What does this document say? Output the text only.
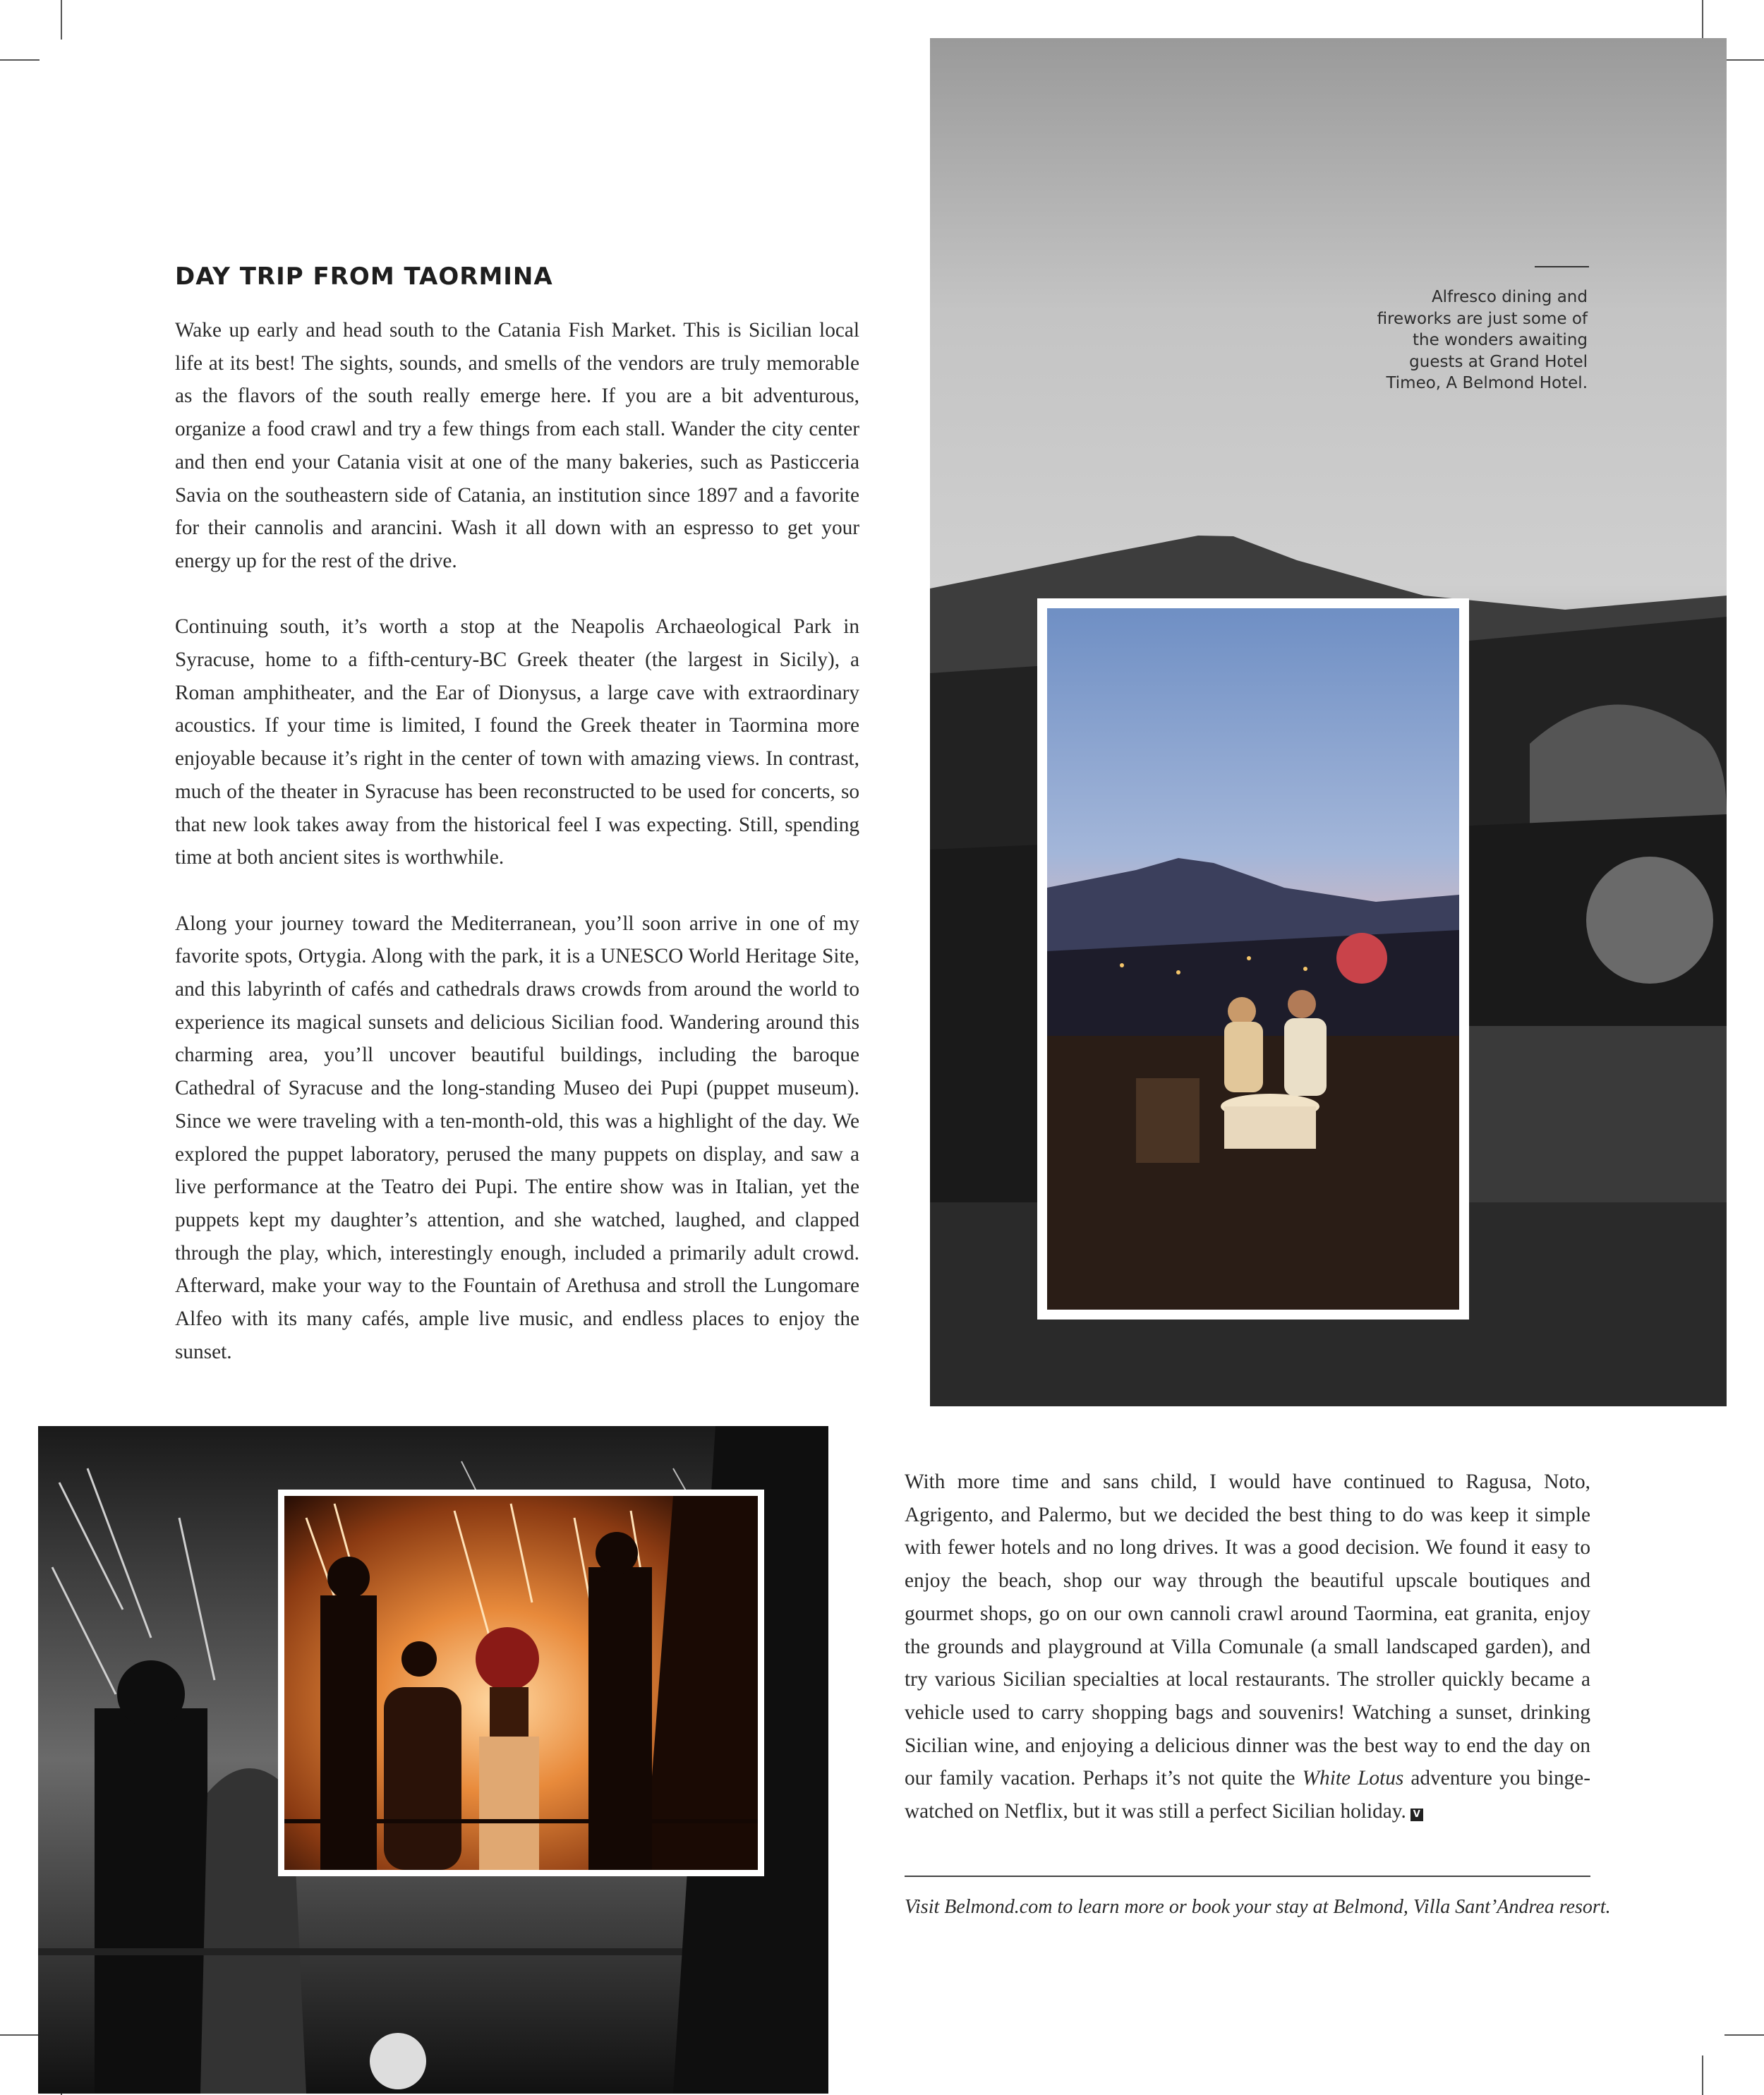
DAY TRIP FROM TAORMINA

Wake up early and head south to the Catania Fish Market. This is Sicilian local life at its best! The sights, sounds, and smells of the vendors are truly memorable as the flavors of the south really emerge here. If you are a bit adventurous, organize a food crawl and try a few things from each stall. Wander the city center and then end your Catania visit at one of the many bakeries, such as Pasticceria Savia on the southeastern side of Catania, an institution since 1897 and a favorite for their cannolis and arancini. Wash it all down with an espresso to get your energy up for the rest of the drive.

Continuing south, it’s worth a stop at the Neapolis Archaeological Park in Syracuse, home to a fifth-century-BC Greek theater (the largest in Sicily), a Roman amphitheater, and the Ear of Dionysus, a large cave with extraordinary acoustics. If your time is limited, I found the Greek theater in Taormina more enjoyable because it’s right in the center of town with amazing views. In contrast, much of the theater in Syracuse has been reconstructed to be used for concerts, so that new look takes away from the historical feel I was expecting. Still, spending time at both ancient sites is worthwhile.

Along your journey toward the Mediterranean, you’ll soon arrive in one of my favorite spots, Ortygia. Along with the park, it is a UNESCO World Heritage Site, and this labyrinth of cafés and cathedrals draws crowds from around the world to experience its magical sunsets and delicious Sicilian food. Wandering around this charming area, you’ll uncover beautiful buildings, including the baroque Cathedral of Syracuse and the long-standing Museo dei Pupi (puppet museum). Since we were traveling with a ten-month-old, this was a highlight of the day. We explored the puppet laboratory, perused the many puppets on display, and saw a live performance at the Teatro dei Pupi. The entire show was in Italian, yet the puppets kept my daughter’s attention, and she watched, laughed, and clapped through the play, which, interestingly enough, included a primarily adult crowd. Afterward, make your way to the Fountain of Arethusa and stroll the Lungomare Alfeo with its many cafés, ample live music, and endless places to enjoy the sunset.

Alfresco dining and fireworks are just some of the wonders awaiting guests at Grand Hotel Timeo, A Belmond Hotel.

With more time and sans child, I would have continued to Ragusa, Noto, Agrigento, and Palermo, but we decided the best thing to do was keep it simple with fewer hotels and no long drives. It was a good decision. We found it easy to enjoy the beach, shop our way through the beautiful upscale boutiques and gourmet shops, go on our own cannoli crawl around Taormina, eat granita, enjoy the grounds and playground at Villa Comunale (a small landscaped garden), and try various Sicilian specialties at local restaurants. The stroller quickly became a vehicle used to carry shopping bags and souvenirs! Watching a sunset, drinking Sicilian wine, and enjoying a delicious dinner was the best way to end the day on our family vacation. Perhaps it’s not quite the White Lotus adventure you binge-watched on Netflix, but it was still a perfect Sicilian holiday. V

Visit Belmond.com to learn more or book your stay at Belmond, Villa Sant’Andrea resort.
